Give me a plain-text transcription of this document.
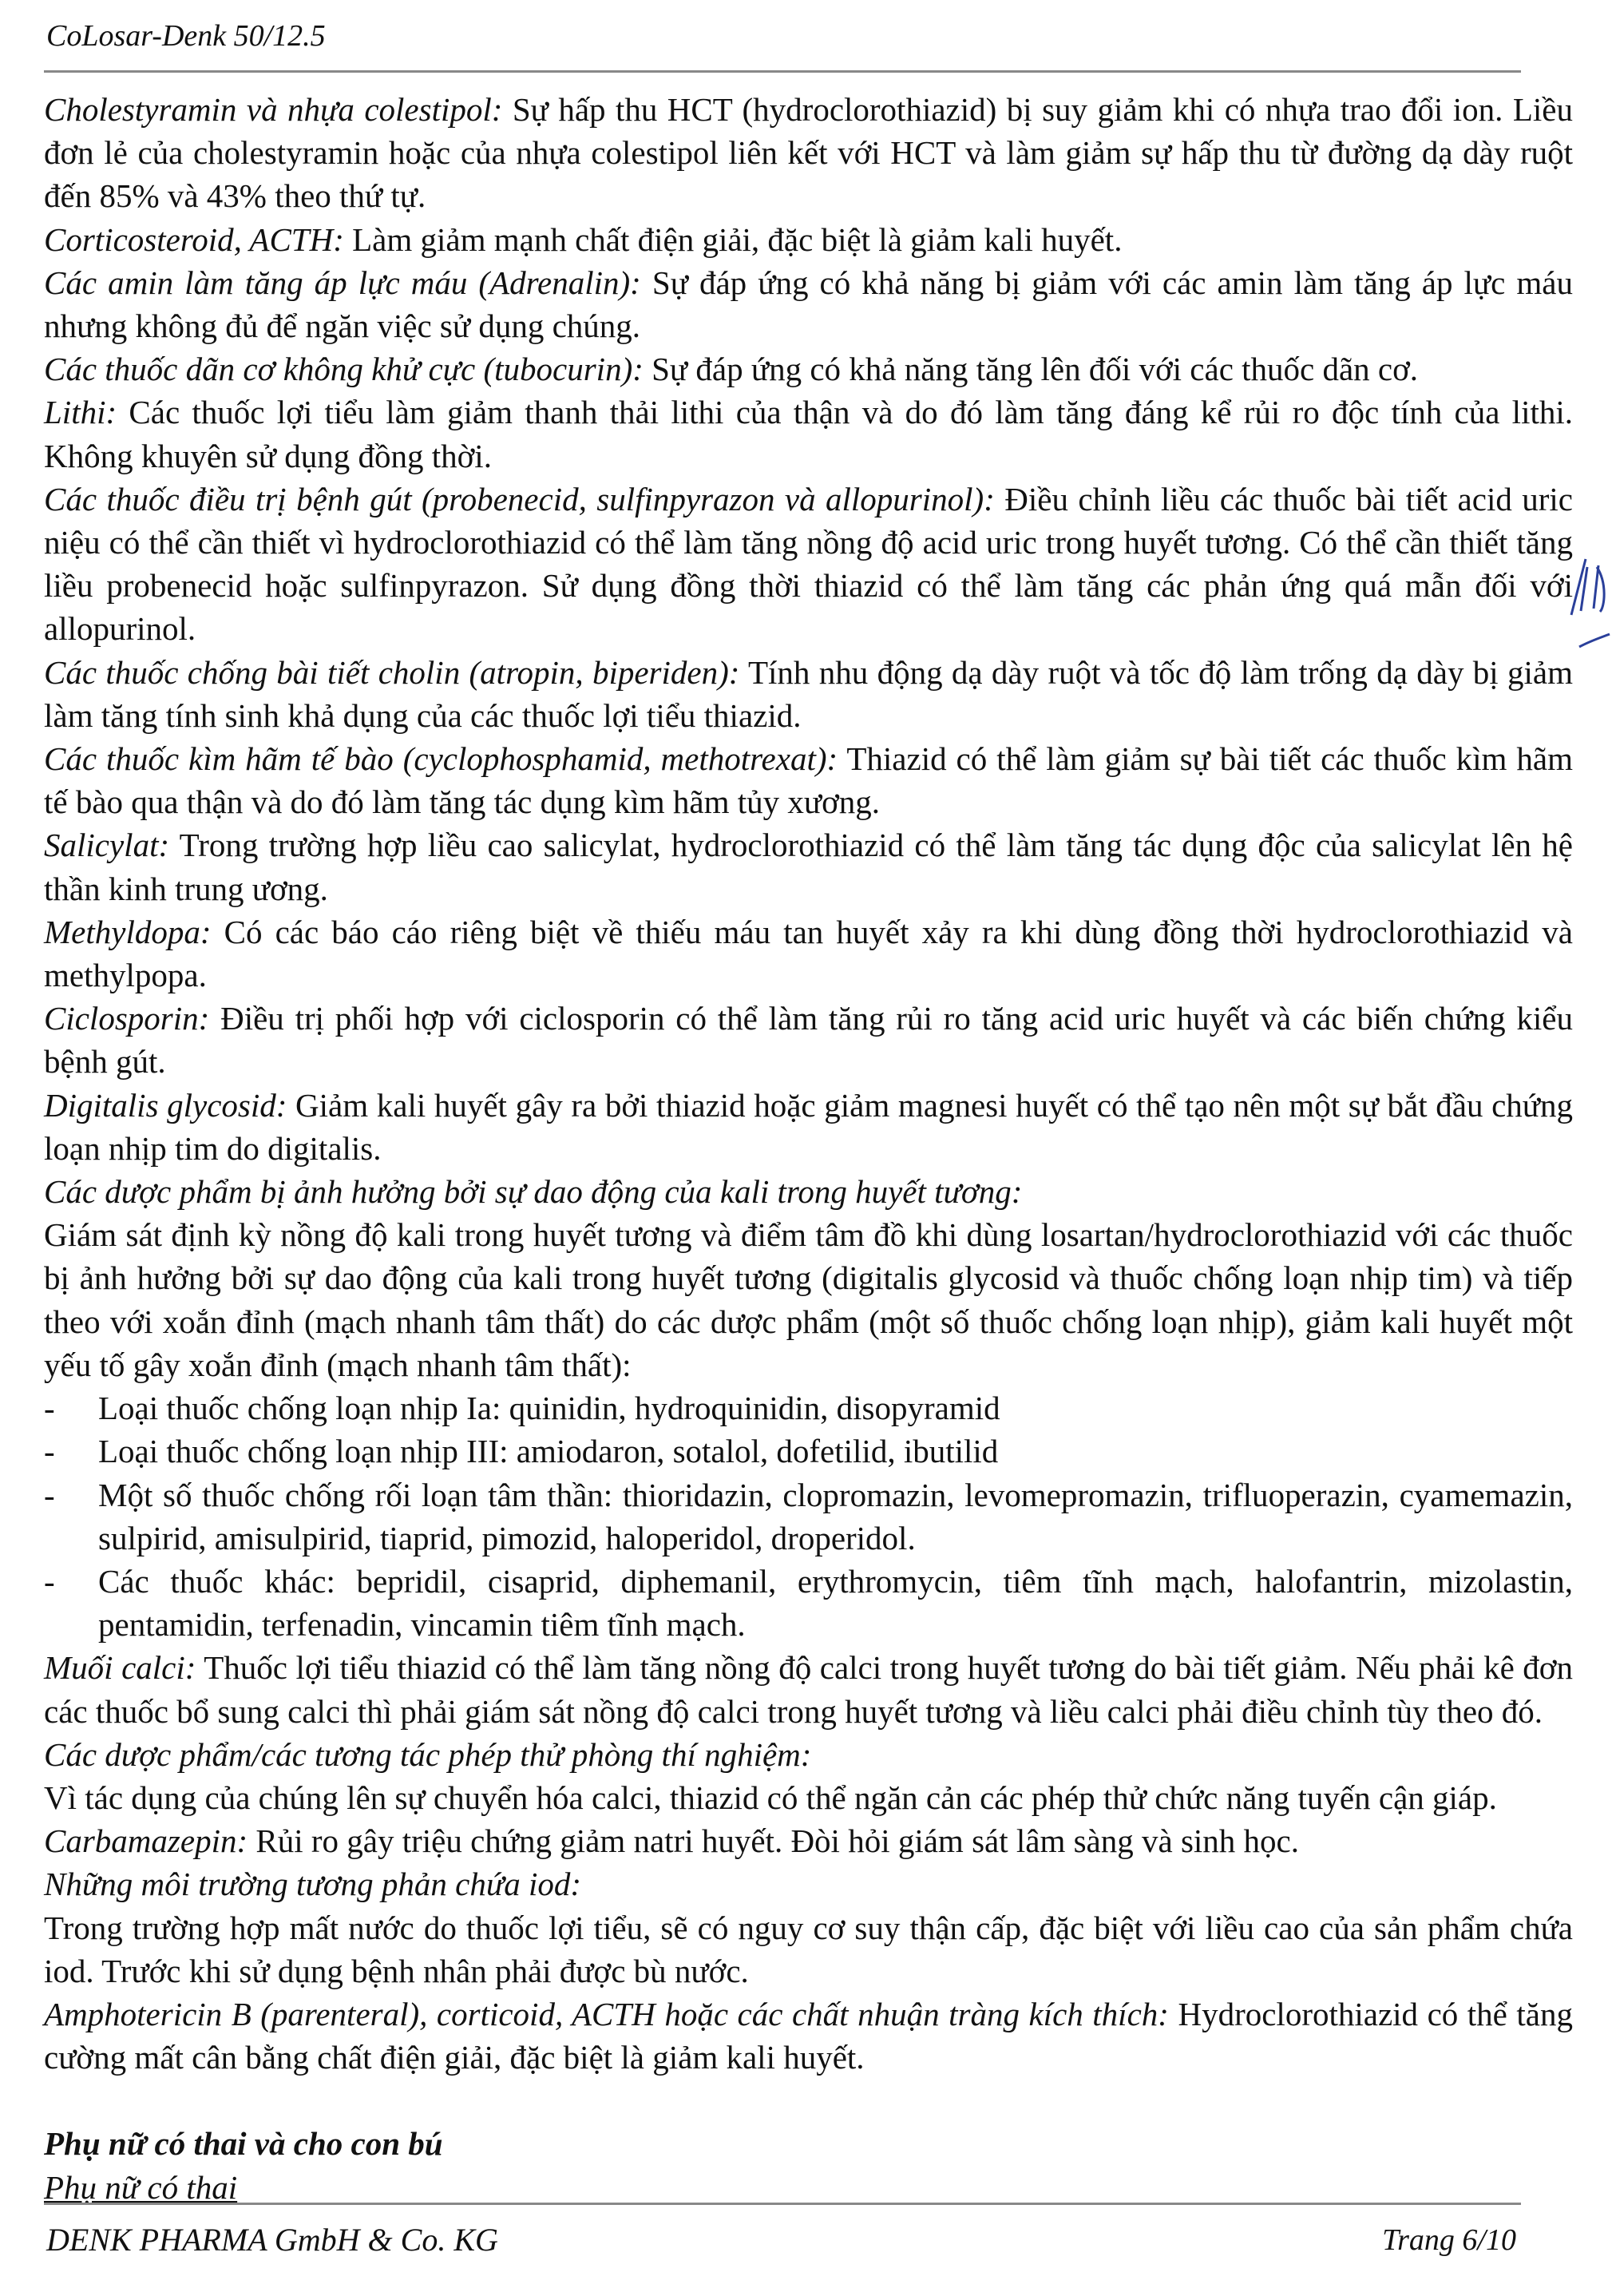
CoLosar-Denk 50/12.5

Cholestyramin và nhựa colestipol: Sự hấp thu HCT (hydroclorothiazid) bị suy giảm khi có nhựa trao đổi ion. Liều đơn lẻ của cholestyramin hoặc của nhựa colestipol liên kết với HCT và làm giảm sự hấp thu từ đường dạ dày ruột đến 85% và 43% theo thứ tự.

Corticosteroid, ACTH: Làm giảm mạnh chất điện giải, đặc biệt là giảm kali huyết.

Các amin làm tăng áp lực máu (Adrenalin): Sự đáp ứng có khả năng bị giảm với các amin làm tăng áp lực máu nhưng không đủ để ngăn việc sử dụng chúng.

Các thuốc dãn cơ không khử cực (tubocurin): Sự đáp ứng có khả năng tăng lên đối với các thuốc dãn cơ.

Lithi: Các thuốc lợi tiểu làm giảm thanh thải lithi của thận và do đó làm tăng đáng kể rủi ro độc tính của lithi. Không khuyên sử dụng đồng thời.

Các thuốc điều trị bệnh gút (probenecid, sulfinpyrazon và allopurinol): Điều chỉnh liều các thuốc bài tiết acid uric niệu có thể cần thiết vì hydroclorothiazid có thể làm tăng nồng độ acid uric trong huyết tương. Có thể cần thiết tăng liều probenecid hoặc sulfinpyrazon. Sử dụng đồng thời thiazid có thể làm tăng các phản ứng quá mẫn đối với allopurinol.

Các thuốc chống bài tiết cholin (atropin, biperiden): Tính nhu động dạ dày ruột và tốc độ làm trống dạ dày bị giảm làm tăng tính sinh khả dụng của các thuốc lợi tiểu thiazid.

Các thuốc kìm hãm tế bào (cyclophosphamid, methotrexat): Thiazid có thể làm giảm sự bài tiết các thuốc kìm hãm tế bào qua thận và do đó làm tăng tác dụng kìm hãm tủy xương.

Salicylat: Trong trường hợp liều cao salicylat, hydroclorothiazid có thể làm tăng tác dụng độc của salicylat lên hệ thần kinh trung ương.

Methyldopa: Có các báo cáo riêng biệt về thiếu máu tan huyết xảy ra khi dùng đồng thời hydroclorothiazid và methylpopa.

Ciclosporin: Điều trị phối hợp với ciclosporin có thể làm tăng rủi ro tăng acid uric huyết và các biến chứng kiểu bệnh gút.

Digitalis glycosid: Giảm kali huyết gây ra bởi thiazid hoặc giảm magnesi huyết có thể tạo nên một sự bắt đầu chứng loạn nhịp tim do digitalis.

Các dược phẩm bị ảnh hưởng bởi sự dao động của kali trong huyết tương:

Giám sát định kỳ nồng độ kali trong huyết tương và điểm tâm đồ khi dùng losartan/hydroclorothiazid với các thuốc bị ảnh hưởng bởi sự dao động của kali trong huyết tương (digitalis glycosid và thuốc chống loạn nhịp tim) và tiếp theo với xoắn đỉnh (mạch nhanh tâm thất) do các dược phẩm (một số thuốc chống loạn nhịp), giảm kali huyết một yếu tố gây xoắn đỉnh (mạch nhanh tâm thất):

- Loại thuốc chống loạn nhịp Ia: quinidin, hydroquinidin, disopyramid
- Loại thuốc chống loạn nhịp III: amiodaron, sotalol, dofetilid, ibutilid
- Một số thuốc chống rối loạn tâm thần: thioridazin, clopromazin, levomepromazin, trifluoperazin, cyamemazin, sulpirid, amisulpirid, tiaprid, pimozid, haloperidol, droperidol.
- Các thuốc khác: bepridil, cisaprid, diphemanil, erythromycin, tiêm tĩnh mạch, halofantrin, mizolastin, pentamidin, terfenadin, vincamin tiêm tĩnh mạch.

Muối calci: Thuốc lợi tiểu thiazid có thể làm tăng nồng độ calci trong huyết tương do bài tiết giảm. Nếu phải kê đơn các thuốc bổ sung calci thì phải giám sát nồng độ calci trong huyết tương và liều calci phải điều chỉnh tùy theo đó.

Các dược phẩm/các tương tác phép thử phòng thí nghiệm:

Vì tác dụng của chúng lên sự chuyển hóa calci, thiazid có thể ngăn cản các phép thử chức năng tuyến cận giáp.

Carbamazepin: Rủi ro gây triệu chứng giảm natri huyết. Đòi hỏi giám sát lâm sàng và sinh học.

Những môi trường tương phản chứa iod:

Trong trường hợp mất nước do thuốc lợi tiểu, sẽ có nguy cơ suy thận cấp, đặc biệt với liều cao của sản phẩm chứa iod. Trước khi sử dụng bệnh nhân phải được bù nước.

Amphotericin B (parenteral), corticoid, ACTH hoặc các chất nhuận tràng kích thích: Hydroclorothiazid có thể tăng cường mất cân bằng chất điện giải, đặc biệt là giảm kali huyết.

Phụ nữ có thai và cho con bú

Phụ nữ có thai

DENK PHARMA GmbH & Co. KG	Trang 6/10
